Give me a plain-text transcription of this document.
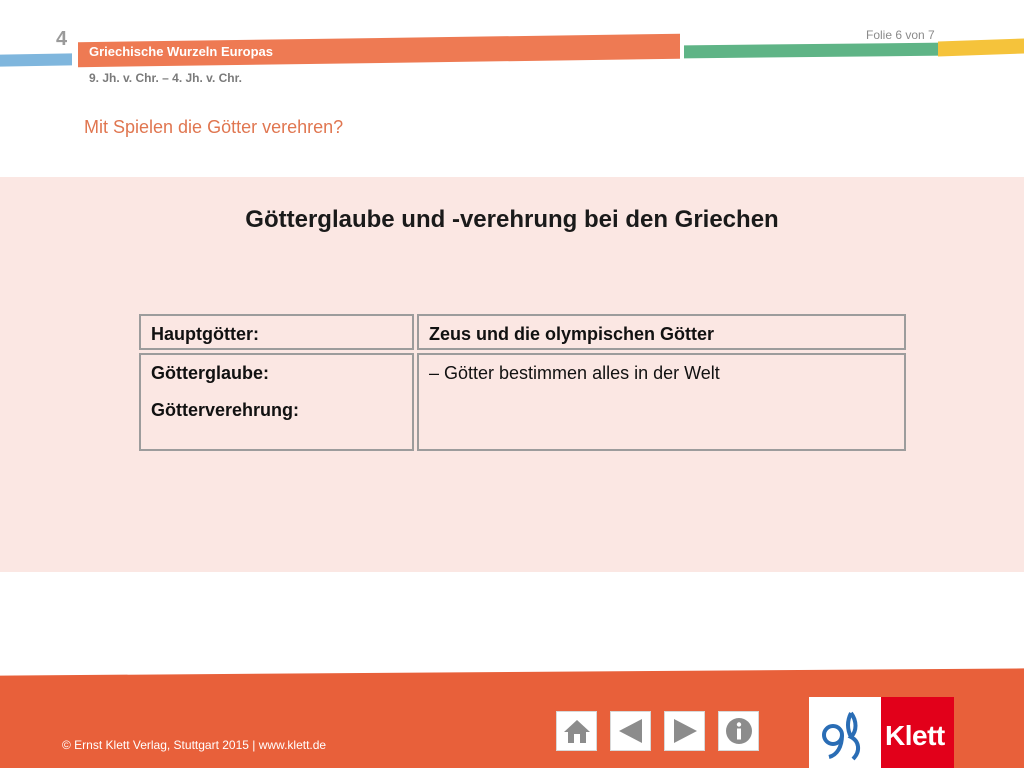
4
Griechische Wurzeln Europas
Folie 6 von 7
9. Jh. v. Chr. – 4. Jh. v. Chr.
Mit Spielen die Götter verehren?
Götterglaube und -verehrung bei den Griechen
Hauptgötter:	Zeus und die olympischen Götter
Götterglaube:
Götterverehrung:
– Götter bestimmen alles in der Welt
© Ernst Klett Verlag, Stuttgart 2015 | www.klett.de	Klett
